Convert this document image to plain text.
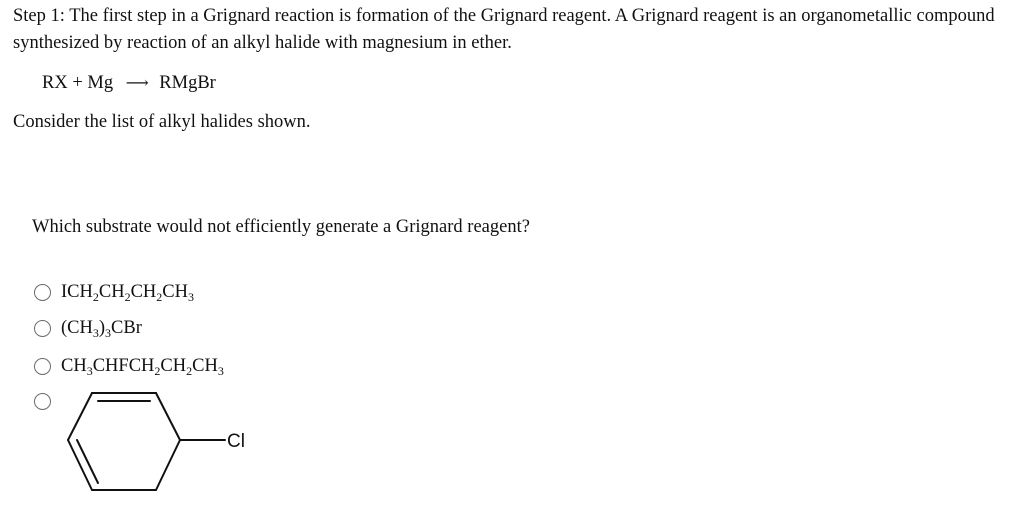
Step 1: The first step in a Grignard reaction is formation of the Grignard reagent. A Grignard reagent is an organometallic compound synthesized by reaction of an alkyl halide with magnesium in ether.
RX + Mg ⟶ RMgBr
Consider the list of alkyl halides shown.
Which substrate would not efficiently generate a Grignard reagent?
$ICH_2CH_2CH_2CH_3$
$(CH_3)_3CBr$
$CH_3CHFCH_2CH_2CH_3$
Cl
